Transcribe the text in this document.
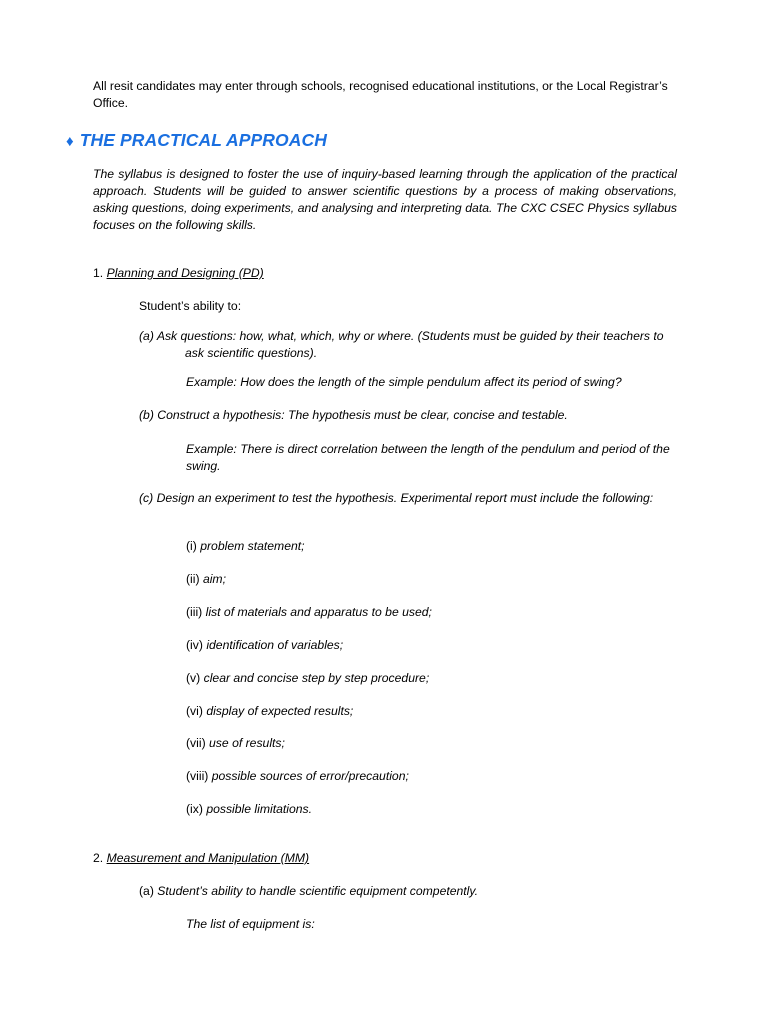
All resit candidates may enter through schools, recognised educational institutions, or the Local Registrar’s Office.

♦ THE PRACTICAL APPROACH

The syllabus is designed to foster the use of inquiry-based learning through the application of the practical approach. Students will be guided to answer scientific questions by a process of making observations, asking questions, doing experiments, and analysing and interpreting data. The CXC CSEC Physics syllabus focuses on the following skills.

1. Planning and Designing (PD)
Student’s ability to:
(a) Ask questions: how, what, which, why or where. (Students must be guided by their teachers to ask scientific questions).
Example: How does the length of the simple pendulum affect its period of swing?
(b) Construct a hypothesis: The hypothesis must be clear, concise and testable.
Example: There is direct correlation between the length of the pendulum and period of the swing.
(c) Design an experiment to test the hypothesis. Experimental report must include the following:
(i) problem statement;
(ii) aim;
(iii) list of materials and apparatus to be used;
(iv) identification of variables;
(v) clear and concise step by step procedure;
(vi) display of expected results;
(vii) use of results;
(viii) possible sources of error/precaution;
(ix) possible limitations.
2. Measurement and Manipulation (MM)
(a) Student’s ability to handle scientific equipment competently.
The list of equipment is:
